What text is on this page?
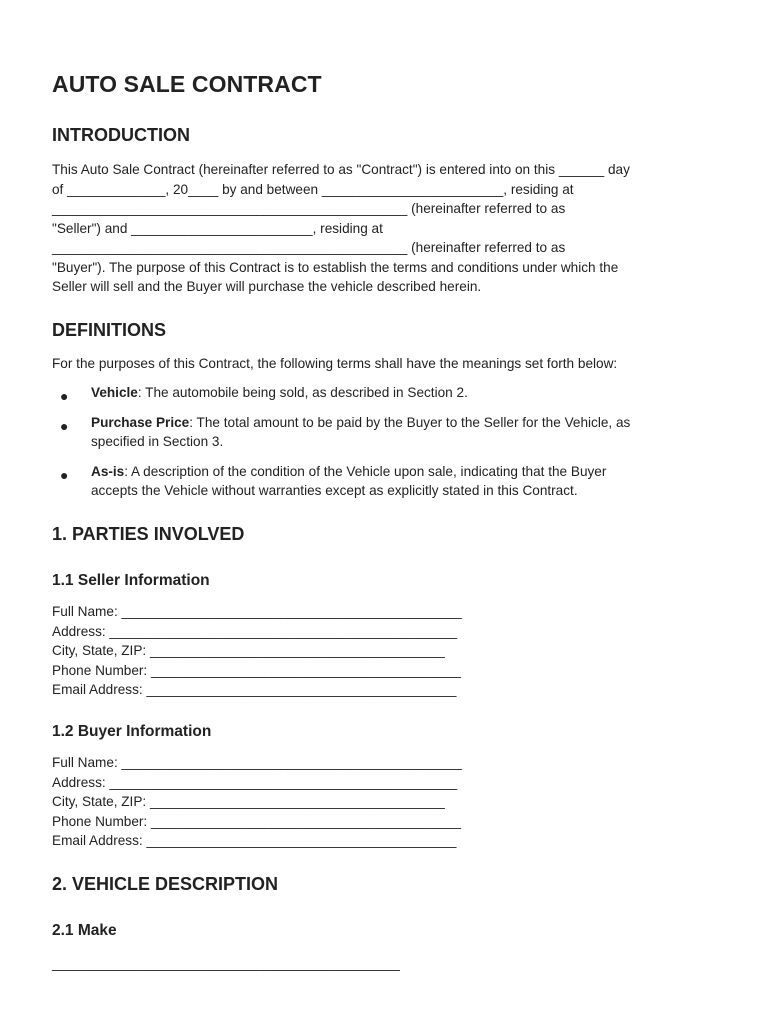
AUTO SALE CONTRACT
INTRODUCTION

This Auto Sale Contract (hereinafter referred to as "Contract") is entered into on this ______ day
of _____________, 20____ by and between ________________________, residing at
_______________________________________________ (hereinafter referred to as
"Seller") and ________________________, residing at
_______________________________________________ (hereinafter referred to as
"Buyer"). The purpose of this Contract is to establish the terms and conditions under which the
Seller will sell and the Buyer will purchase the vehicle described herein.

DEFINITIONS

For the purposes of this Contract, the following terms shall have the meanings set forth below:

● Vehicle: The automobile being sold, as described in Section 2.
● Purchase Price: The total amount to be paid by the Buyer to the Seller for the Vehicle, as
specified in Section 3.
● As-is: A description of the condition of the Vehicle upon sale, indicating that the Buyer
accepts the Vehicle without warranties except as explicitly stated in this Contract.
1. PARTIES INVOLVED
1.1 Seller Information

Full Name: _____________________________________________
Address: ______________________________________________
City, State, ZIP: _______________________________________
Phone Number: _________________________________________
Email Address: _________________________________________

1.2 Buyer Information

Full Name: _____________________________________________
Address: ______________________________________________
City, State, ZIP: _______________________________________
Phone Number: _________________________________________
Email Address: _________________________________________

2. VEHICLE DESCRIPTION
2.1 Make
______________________________________________
